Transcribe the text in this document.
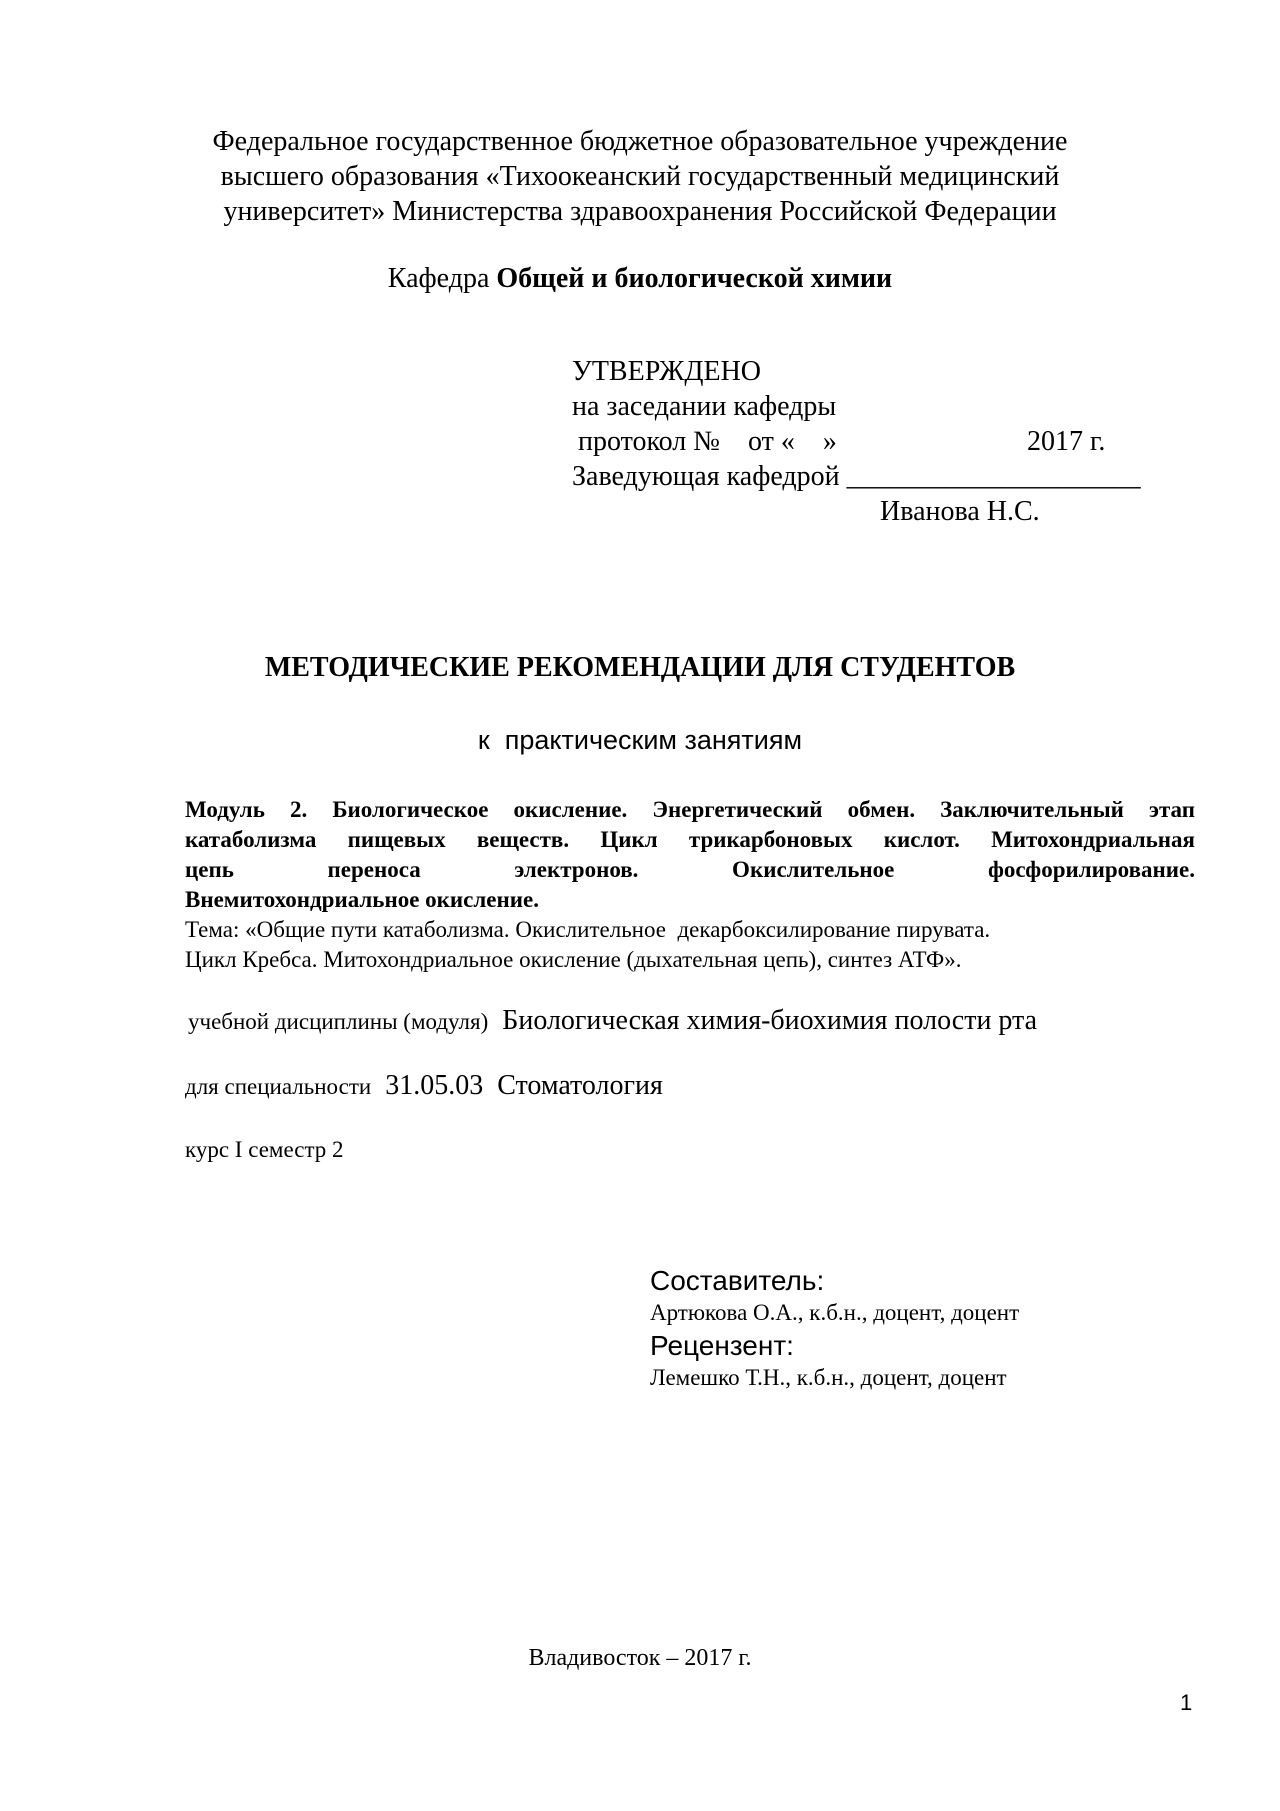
Федеральное государственное бюджетное образовательное учреждение
высшего образования «Тихоокеанский государственный медицинский
университет» Министерства здравоохранения Российской Федерации
Кафедра Общей и биологической химии
УТВЕРЖДЕНО
на заседании кафедры
протокол №    от «    »	2017 г.
Заведующая кафедрой _____________________
Иванова Н.С.
МЕТОДИЧЕСКИЕ РЕКОМЕНДАЦИИ ДЛЯ СТУДЕНТОВ
к  практическим занятиям
Модуль 2. Биологическое окисление. Энергетический обмен. Заключительный этап
катаболизма пищевых веществ. Цикл трикарбоновых кислот. Митохондриальная
цепь переноса электронов. Окислительное фосфорилирование.
Внемитохондриальное окисление.
Тема: «Общие пути катаболизма. Окислительное  декарбоксилирование пирувата.
Цикл Кребса. Митохондриальное окисление (дыхательная цепь), синтез АТФ».
учебной дисциплины (модуля) Биологическая химия-биохимия полости рта
для специальности 31.05.03  Стоматология
курс I семестр 2
Составитель:
Артюкова О.А., к.б.н., доцент, доцент
Рецензент:
Лемешко Т.Н., к.б.н., доцент, доцент
Владивосток – 2017 г.
1
